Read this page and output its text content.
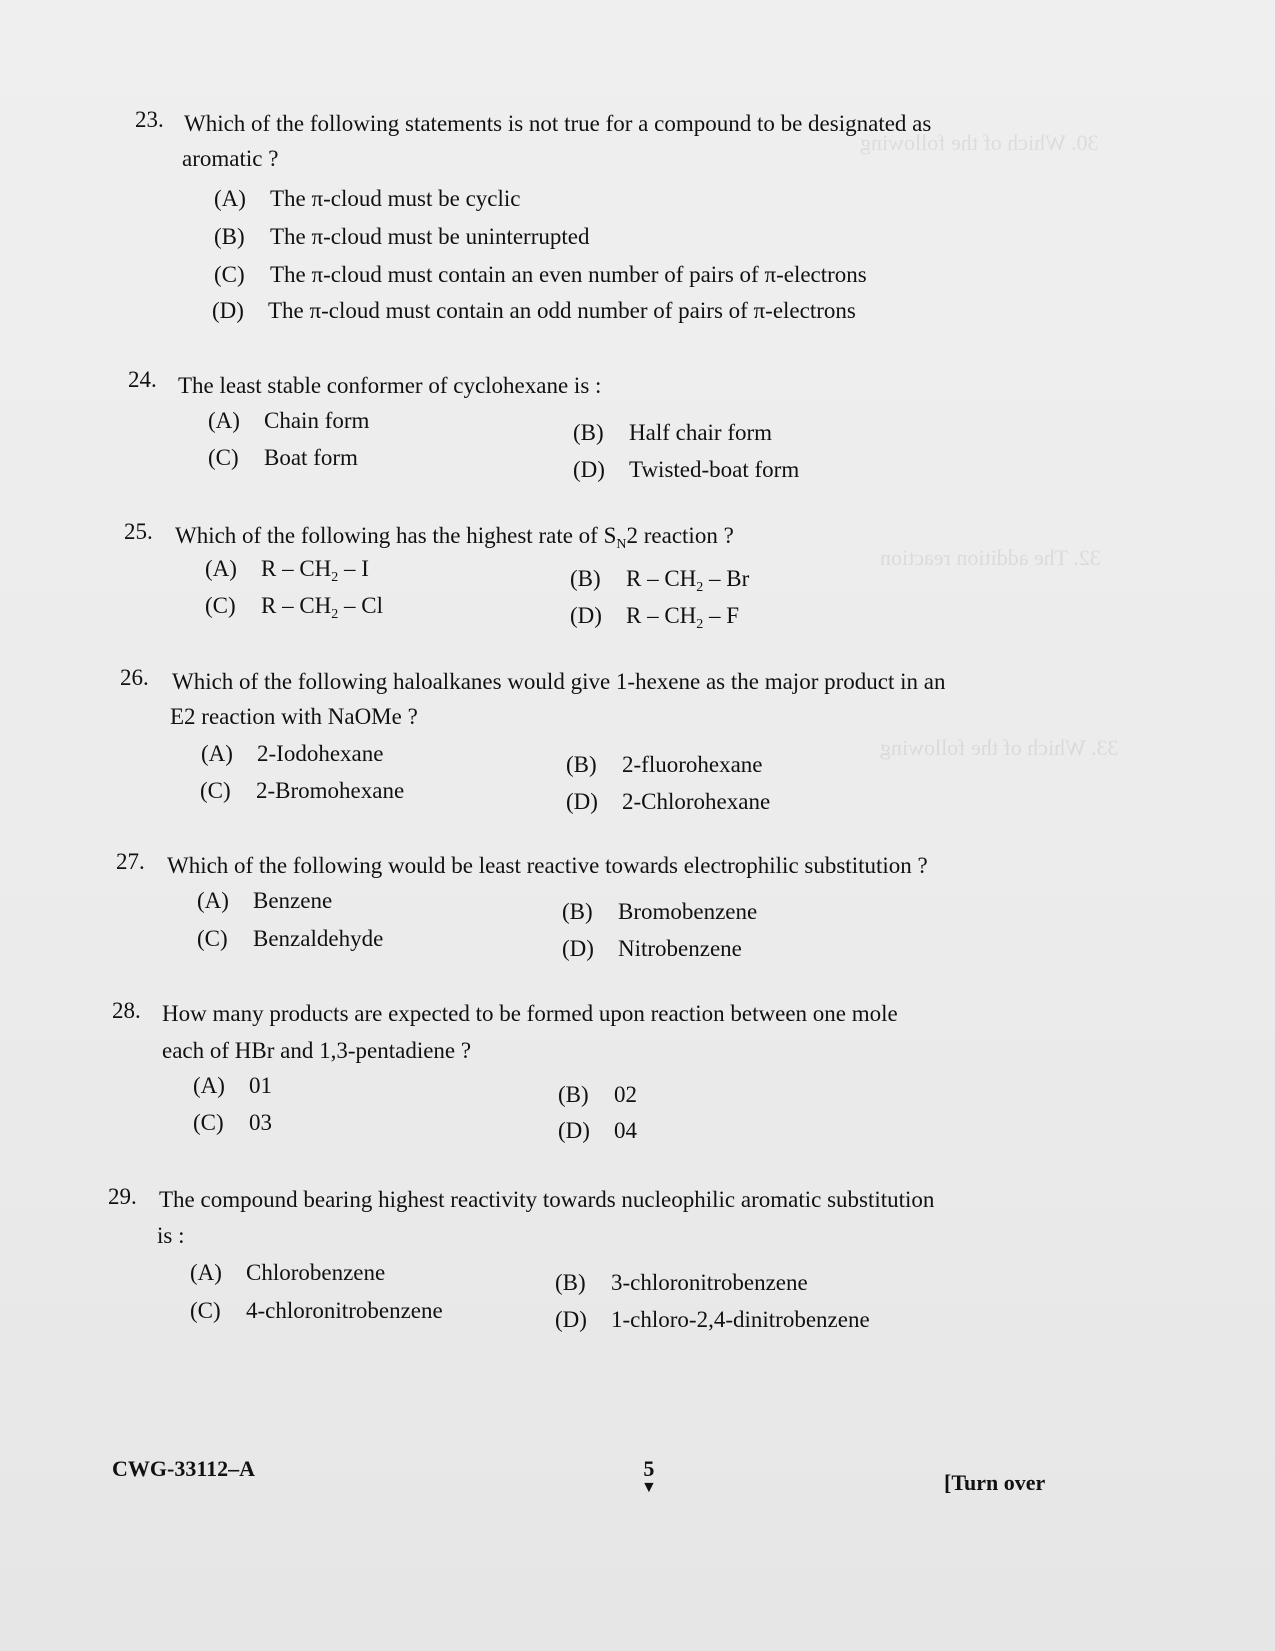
30. Which of the following
32. The addition reaction
33. Which of the following
23. Which of the following statements is not true for a compound to be designated as
aromatic ?
(A) The π-cloud must be cyclic
(B) The π-cloud must be uninterrupted
(C) The π-cloud must contain an even number of pairs of π-electrons
(D) The π-cloud must contain an odd number of pairs of π-electrons
24. The least stable conformer of cyclohexane is :
(A) Chain form	(B) Half chair form
(C) Boat form	(D) Twisted-boat form
25. Which of the following has the highest rate of $S_N2$ reaction ?
(A) R – $CH_2$ – I	(B) R – $CH_2$ – Br
(C) R – $CH_2$ – Cl	(D) R – $CH_2$ – F
26. Which of the following haloalkanes would give 1-hexene as the major product in an
E2 reaction with NaOMe ?
(A) 2-Iodohexane	(B) 2-fluorohexane
(C) 2-Bromohexane	(D) 2-Chlorohexane
27. Which of the following would be least reactive towards electrophilic substitution ?
(A) Benzene	(B) Bromobenzene
(C) Benzaldehyde	(D) Nitrobenzene
28. How many products are expected to be formed upon reaction between one mole
each of HBr and 1,3-pentadiene ?
(A) 01	(B) 02
(C) 03	(D) 04
29. The compound bearing highest reactivity towards nucleophilic aromatic substitution
is :
(A) Chlorobenzene	(B) 3-chloronitrobenzene
(C) 4-chloronitrobenzene	(D) 1-chloro-2,4-dinitrobenzene
CWG-33112–A	5
▼	[Turn over
